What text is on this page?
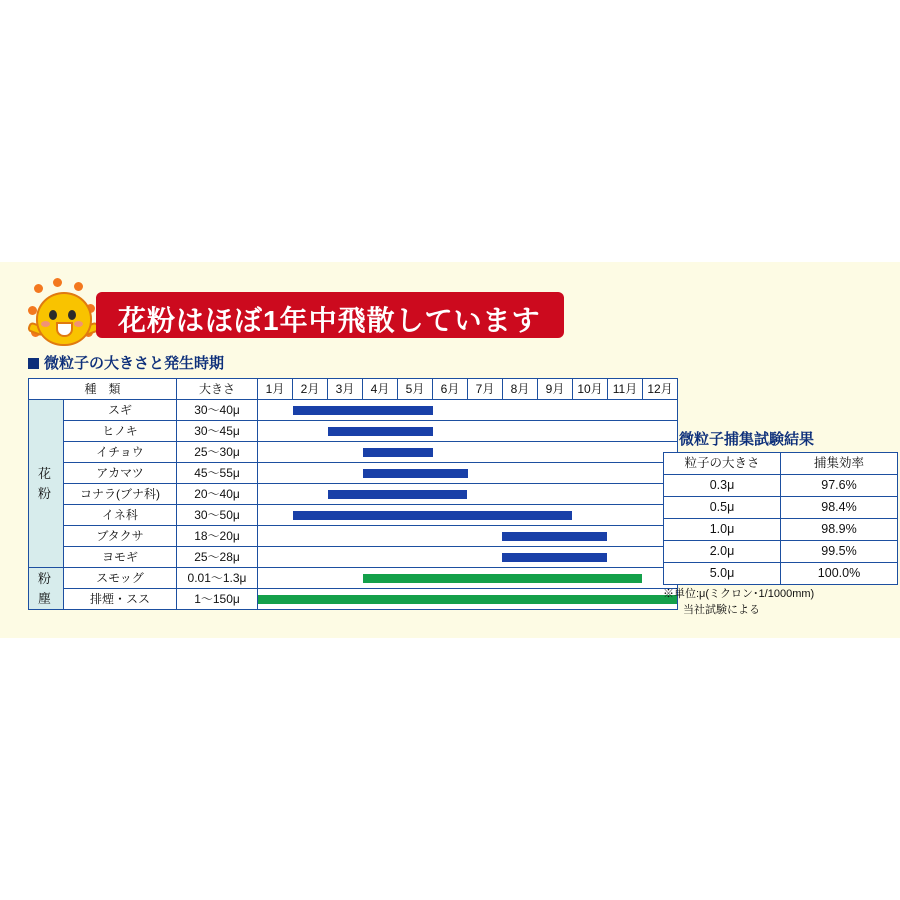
花粉はほぼ1年中飛散しています
微粒子の大きさと発生時期
微粒子捕集試験結果
種　類		大きさ	1月	2月	3月	4月	5月	6月	7月	8月	9月	10月	11月	12月
花　粉	スギ	30〜40μ												

	ヒノキ	30〜45μ												

	イチョウ	25〜30μ												

	アカマツ	45〜55μ												

	コナラ(ブナ科)	20〜40μ												

	イネ科	30〜50μ												

	ブタクサ	18〜20μ												

	ヨモギ	25〜28μ												

粉　塵	スモッグ	0.01〜1.3μ												

	排煙・スス	1〜150μ												
粒子の大きさ	捕集効率
0.3μ	97.6%
0.5μ	98.4%
1.0μ	98.9%
2.0μ	99.5%
5.0μ	100.0%
※単位:μ(ミクロン･1/1000mm)
当社試験による
